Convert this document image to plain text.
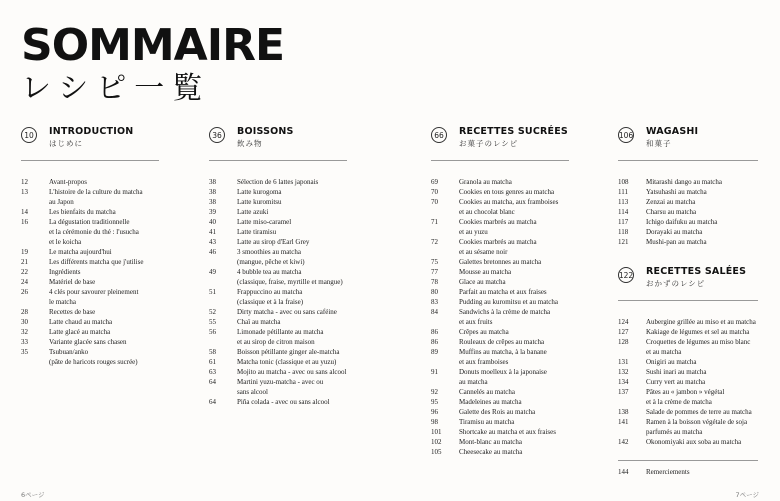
SOMMAIRE
レシピ一覧
10	INTRODUCTION
はじめに
36	BOISSONS
飲み物
66	RECETTES SUCRÉES
お菓子のレシピ
106 WAGASHI
和菓子
122 RECETTES SALÉES
おかずのレシピ
12	Avant-propos
13	L'histoire de la culture du matcha
au Japon
14	Les bienfaits du matcha
16	La dégustation traditionnelle
et la cérémonie du thé : l'usucha
et le koicha
19	Le matcha aujourd'hui
21	Les différents matcha que j'utilise
22	Ingrédients
24	Matériel de base
26	4 clés pour savourer pleinement
le matcha
28	Recettes de base
30	Latte chaud au matcha
32	Latte glacé au matcha
33	Variante glacée sans chasen
35	Tsubuan/anko
(pâte de haricots rouges sucrée)
38	Sélection de 6 lattes japonais
38	Latte kurogoma
38	Latte kuromitsu
39	Latte azuki
40	Latte miso-caramel
41	Latte tiramisu
43	Latte au sirop d'Earl Grey
46	3 smoothies au matcha
(mangue, pêche et kiwi)
49	4 bubble tea au matcha
(classique, fraise, myrtille et mangue)
51	Frappuccino au matcha
(classique et à la fraise)
52	Dirty matcha - avec ou sans caféine
55	Chaï au matcha
56	Limonade pétillante au matcha
et au sirop de citron maison
58	Boisson pétillante ginger ale-matcha
61	Matcha tonic (classique et au yuzu)
63	Mojito au matcha - avec ou sans alcool
64	Martini yuzu-matcha - avec ou
sans alcool
64	Piña colada - avec ou sans alcool
69	Granola au matcha
70	Cookies en tous genres au matcha
70	Cookies au matcha, aux framboises
et au chocolat blanc
71	Cookies marbrés au matcha
et au yuzu
72	Cookies marbrés au matcha
et au sésame noir
75	Galettes bretonnes au matcha
77	Mousse au matcha
78	Glace au matcha
80	Parfait au matcha et aux fraises
83	Pudding au kuromitsu et au matcha
84	Sandwichs à la crème de matcha
et aux fruits
86	Crêpes au matcha
86	Rouleaux de crêpes au matcha
89	Muffins au matcha, à la banane
et aux framboises
91	Donuts moelleux à la japonaise
au matcha
92	Cannelés au matcha
95	Madeleines au matcha
96	Galette des Rois au matcha
98	Tiramisu au matcha
101	Shortcake au matcha et aux fraises
102	Mont-blanc au matcha
105	Cheesecake au matcha
108	Mitarashi dango au matcha
111	Yatsuhashi au matcha
113	Zenzai au matcha
114	Charsu au matcha
117	Ichigo daifuku au matcha
118	Dorayaki au matcha
121	Mushi-pan au matcha
124	Aubergine grillée au miso et au matcha
127	Kakiage de légumes et sel au matcha
128	Croquettes de légumes au miso blanc
et au matcha
131	Onigiri au matcha
132	Sushi inari au matcha
134	Curry vert au matcha
137	Pâtes au « jambon » végétal
et à la crème de matcha
138	Salade de pommes de terre au matcha
141	Ramen à la boisson végétale de soja
parfumés au matcha
142	Okonomiyaki aux soba au matcha
144	Remerciements
6ページ	7ページ
